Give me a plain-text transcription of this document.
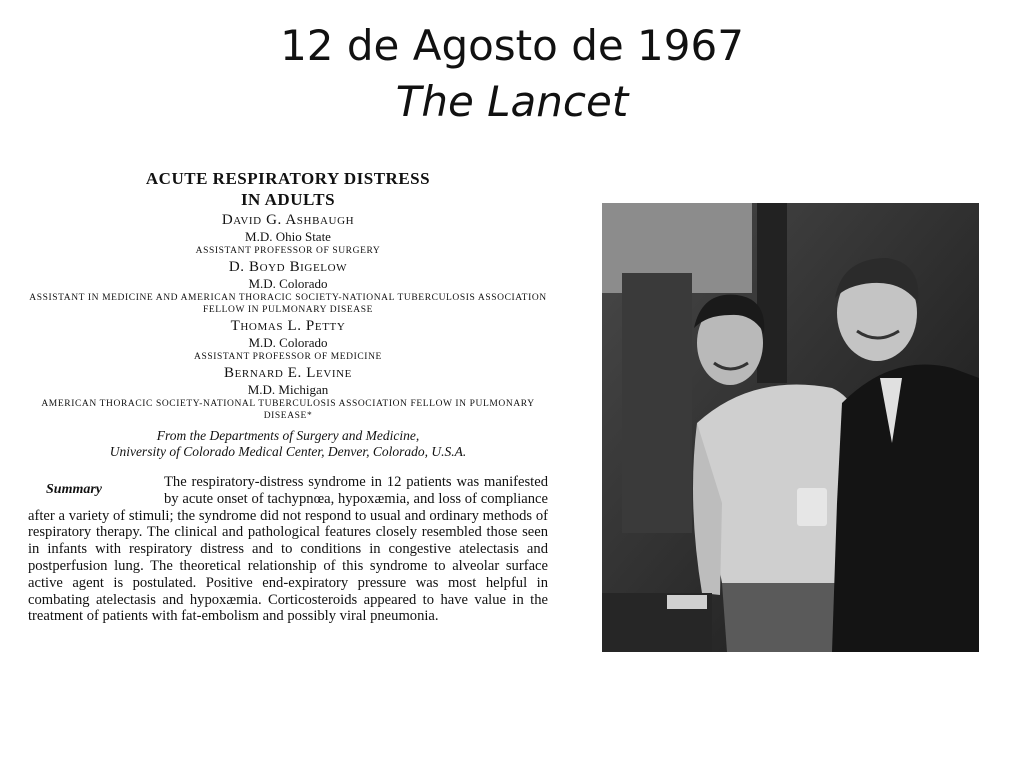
12 de Agosto de 1967
The Lancet
ACUTE RESPIRATORY DISTRESS
IN ADULTS
David G. Ashbaugh
M.D. Ohio State
ASSISTANT PROFESSOR OF SURGERY
D. Boyd Bigelow
M.D. Colorado
ASSISTANT IN MEDICINE AND AMERICAN THORACIC SOCIETY-NATIONAL TUBERCULOSIS ASSOCIATION FELLOW IN PULMONARY DISEASE
Thomas L. Petty
M.D. Colorado
ASSISTANT PROFESSOR OF MEDICINE
Bernard E. Levine
M.D. Michigan
AMERICAN THORACIC SOCIETY-NATIONAL TUBERCULOSIS ASSOCIATION FELLOW IN PULMONARY DISEASE*
From the Departments of Surgery and Medicine,
University of Colorado Medical Center, Denver, Colorado, U.S.A.
Summary	The respiratory-distress syndrome in 12 patients was manifested by acute onset of tachypnœa, hypoxæmia, and loss of compliance after a variety of stimuli; the syndrome did not respond to usual and ordinary methods of respiratory therapy. The clinical and pathological features closely resembled those seen in infants with respiratory distress and to conditions in congestive atelectasis and postperfusion lung. The theoretical relationship of this syndrome to alveolar surface active agent is postulated. Positive end-expiratory pressure was most helpful in combating atelectasis and hypoxæmia. Corticosteroids appeared to have value in the treatment of patients with fat-embolism and possibly viral pneumonia.
